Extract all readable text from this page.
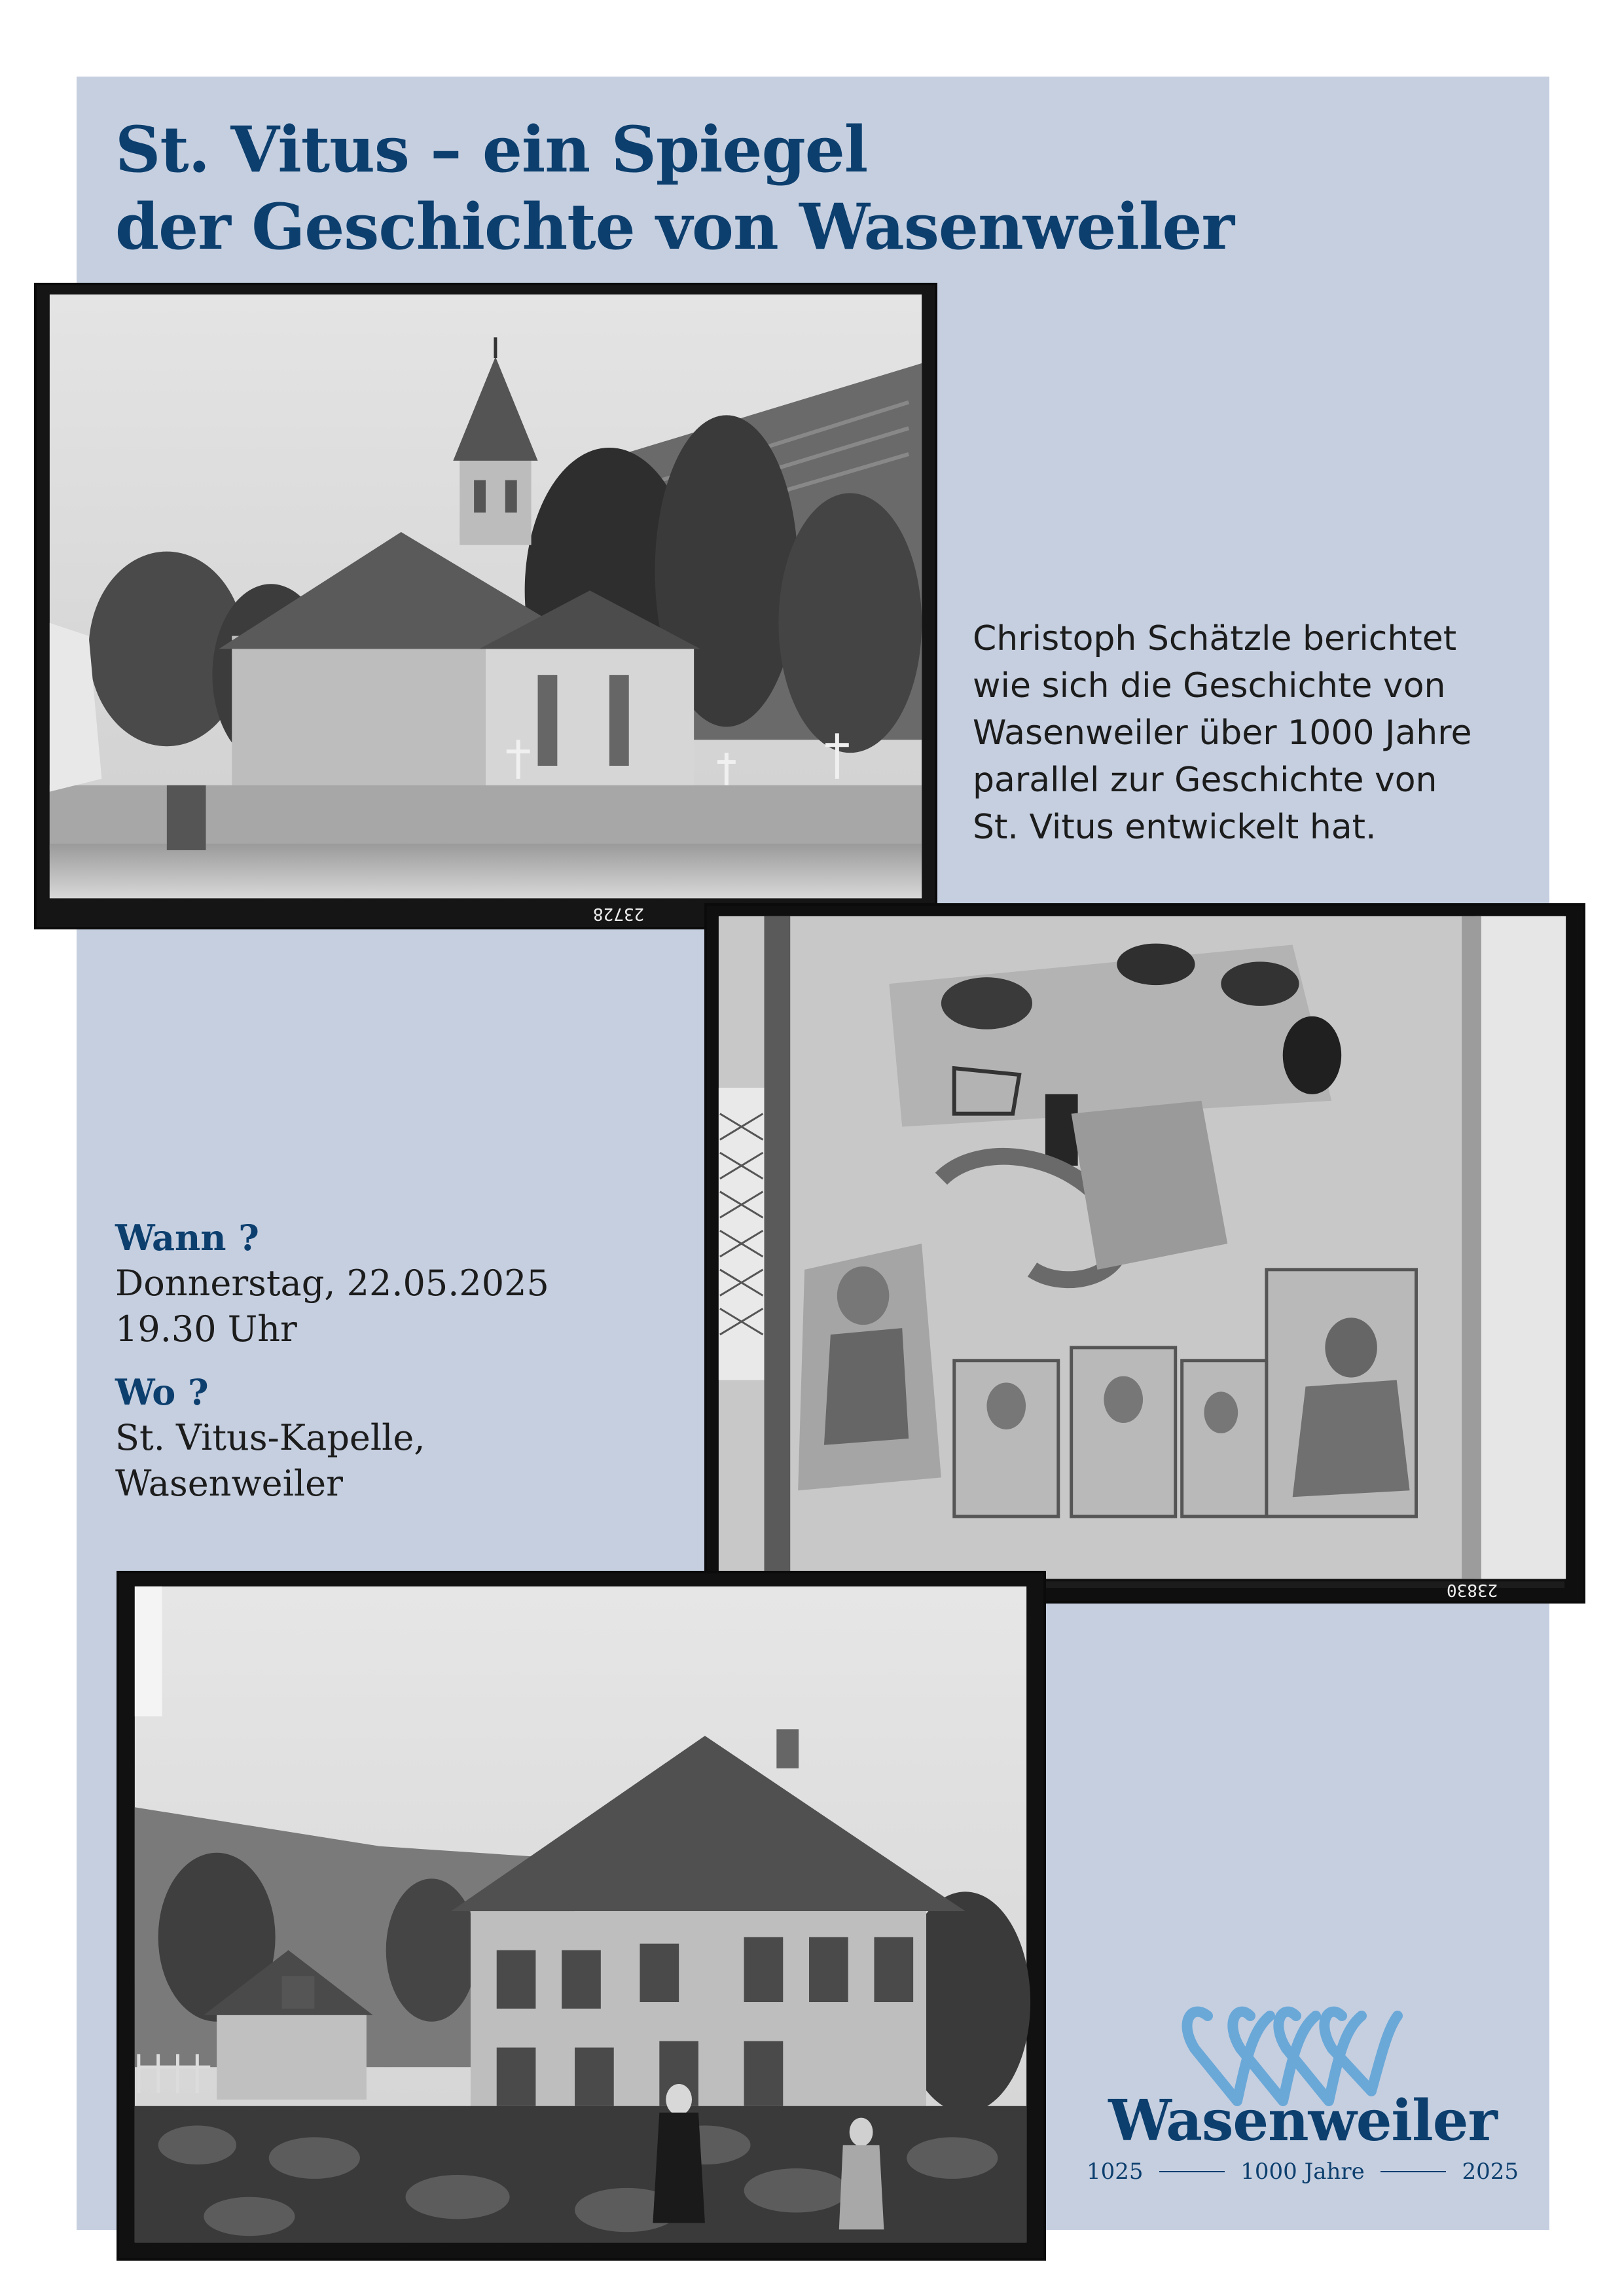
St. Vitus – ein Spiegel
der Geschichte von Wasenweiler
23728
Christoph Schätzle berichtet
wie sich die Geschichte von
Wasenweiler über 1000 Jahre
parallel zur Geschichte von
St. Vitus entwickelt hat.
23830
Wann ?
Donnerstag, 22.05.2025
19.30 Uhr
Wo ?
St. Vitus-Kapelle,
Wasenweiler
Wasenweiler
1025	1000 Jahre	2025
